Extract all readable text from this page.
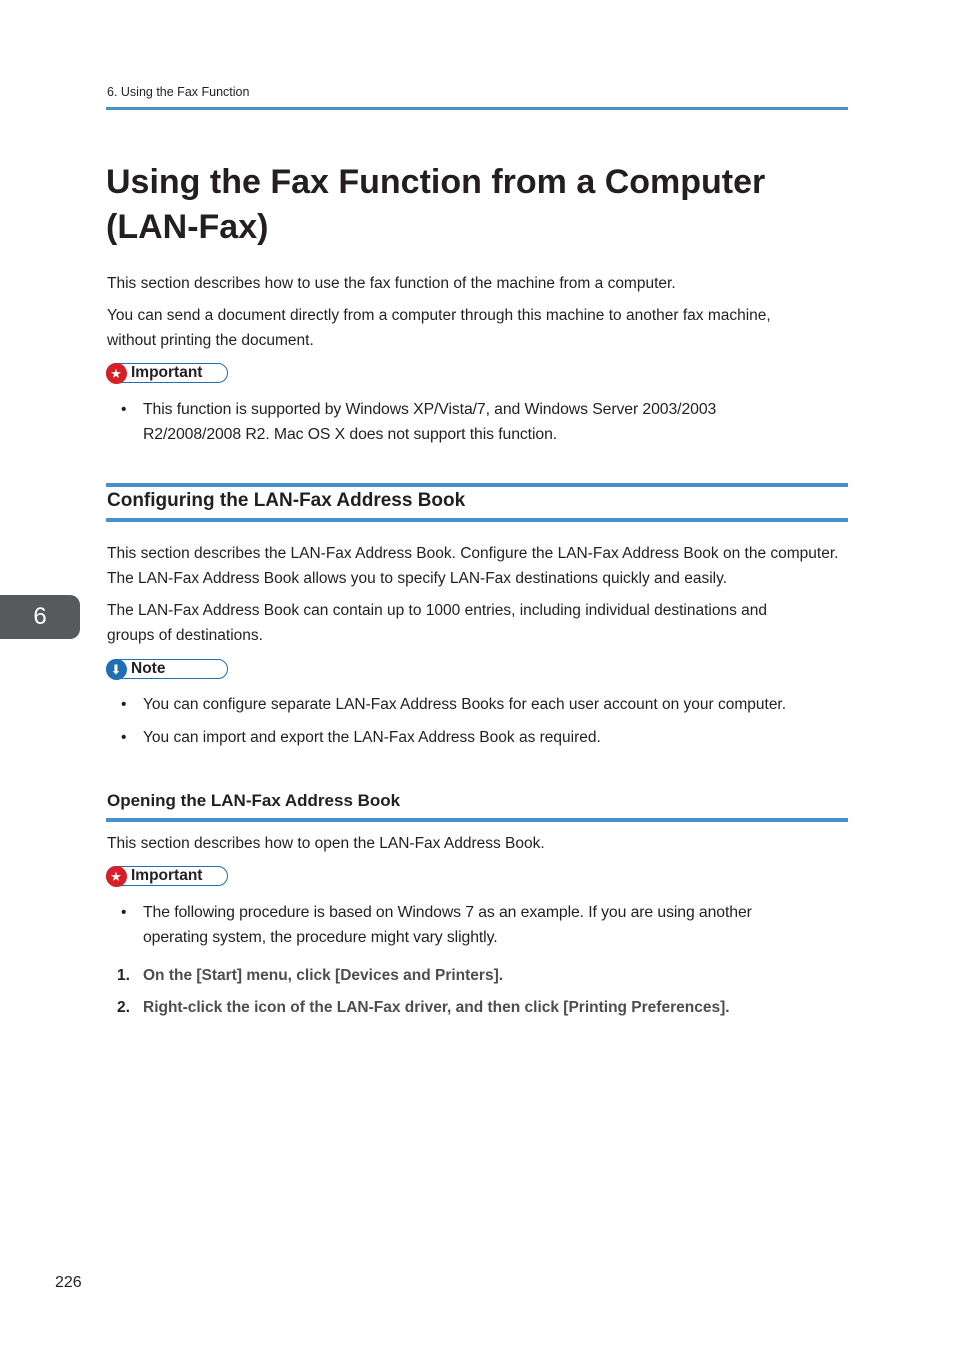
6. Using the Fax Function
Using the Fax Function from a Computer (LAN-Fax)

This section describes how to use the fax function of the machine from a computer.

You can send a document directly from a computer through this machine to another fax machine, without printing the document.

★ Important
• This function is supported by Windows XP/Vista/7, and Windows Server 2003/2003 R2/2008/2008 R2. Mac OS X does not support this function.

Configuring the LAN-Fax Address Book

This section describes the LAN-Fax Address Book. Configure the LAN-Fax Address Book on the computer. The LAN-Fax Address Book allows you to specify LAN-Fax destinations quickly and easily.

The LAN-Fax Address Book can contain up to 1000 entries, including individual destinations and groups of destinations.

⬇ Note
• You can configure separate LAN-Fax Address Books for each user account on your computer.

• You can import and export the LAN-Fax Address Book as required.

Opening the LAN-Fax Address Book

This section describes how to open the LAN-Fax Address Book.

★ Important
• The following procedure is based on Windows 7 as an example. If you are using another operating system, the procedure might vary slightly.

1. On the [Start] menu, click [Devices and Printers].

2. Right-click the icon of the LAN-Fax driver, and then click [Printing Preferences].

6
226
